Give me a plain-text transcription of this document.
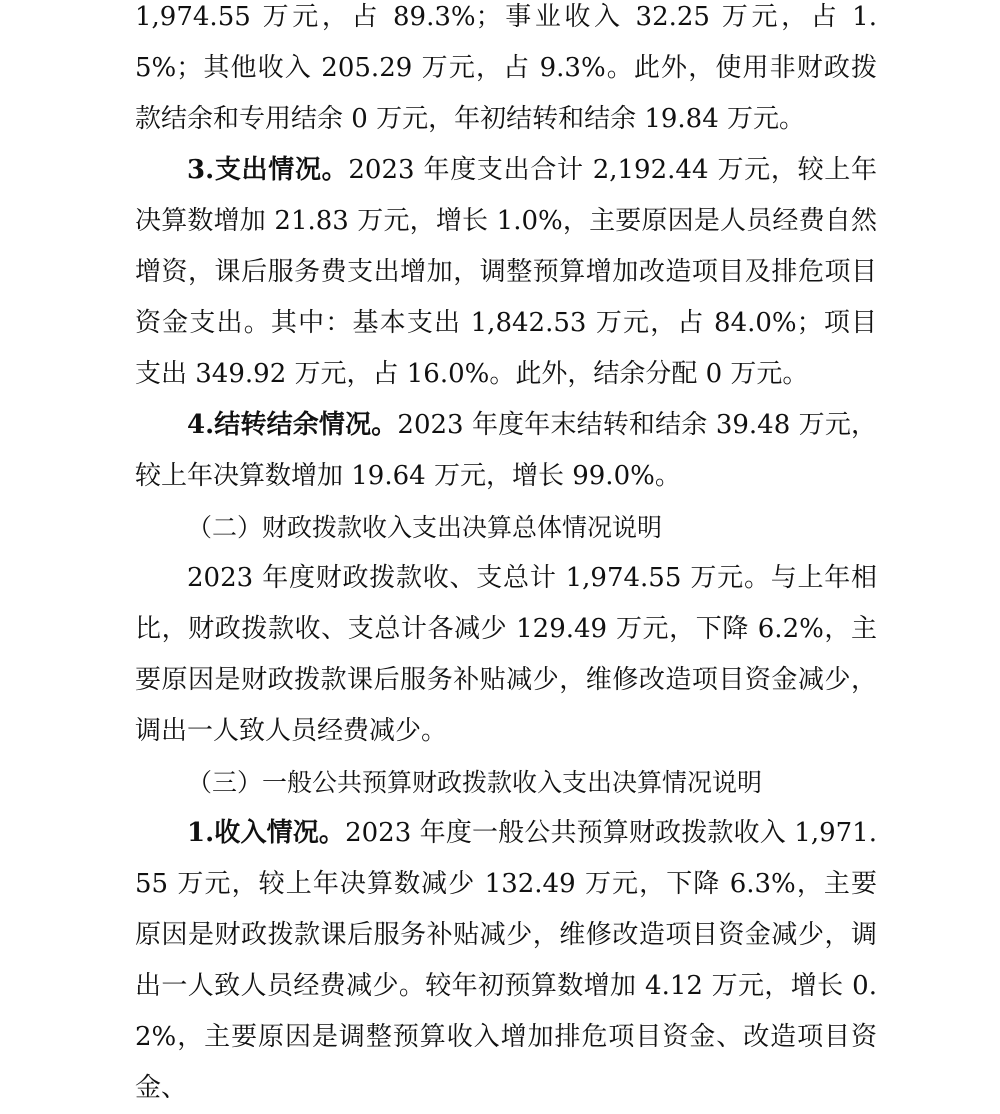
1,974.55 万元，占 89.3%；事业收入 32.25 万元，占 1.5%；其他收入 205.29 万元，占 9.3%。此外，使用非财政拨款结余和专用结余 0 万元，年初结转和结余 19.84 万元。

3.支出情况。2023 年度支出合计 2,192.44 万元，较上年决算数增加 21.83 万元，增长 1.0%，主要原因是人员经费自然增资，课后服务费支出增加，调整预算增加改造项目及排危项目资金支出。其中：基本支出 1,842.53 万元，占 84.0%；项目支出 349.92 万元，占 16.0%。此外，结余分配 0 万元。

4.结转结余情况。2023 年度年末结转和结余 39.48 万元，较上年决算数增加 19.64 万元，增长 99.0%。

（二）财政拨款收入支出决算总体情况说明

2023 年度财政拨款收、支总计 1,974.55 万元。与上年相比，财政拨款收、支总计各减少 129.49 万元，下降 6.2%，主要原因是财政拨款课后服务补贴减少，维修改造项目资金减少，调出一人致人员经费减少。

（三）一般公共预算财政拨款收入支出决算情况说明

1.收入情况。2023 年度一般公共预算财政拨款收入 1,971.55 万元，较上年决算数减少 132.49 万元，下降 6.3%，主要原因是财政拨款课后服务补贴减少，维修改造项目资金减少，调出一人致人员经费减少。较年初预算数增加 4.12 万元，增长 0.2%，主要原因是调整预算收入增加排危项目资金、改造项目资金、
